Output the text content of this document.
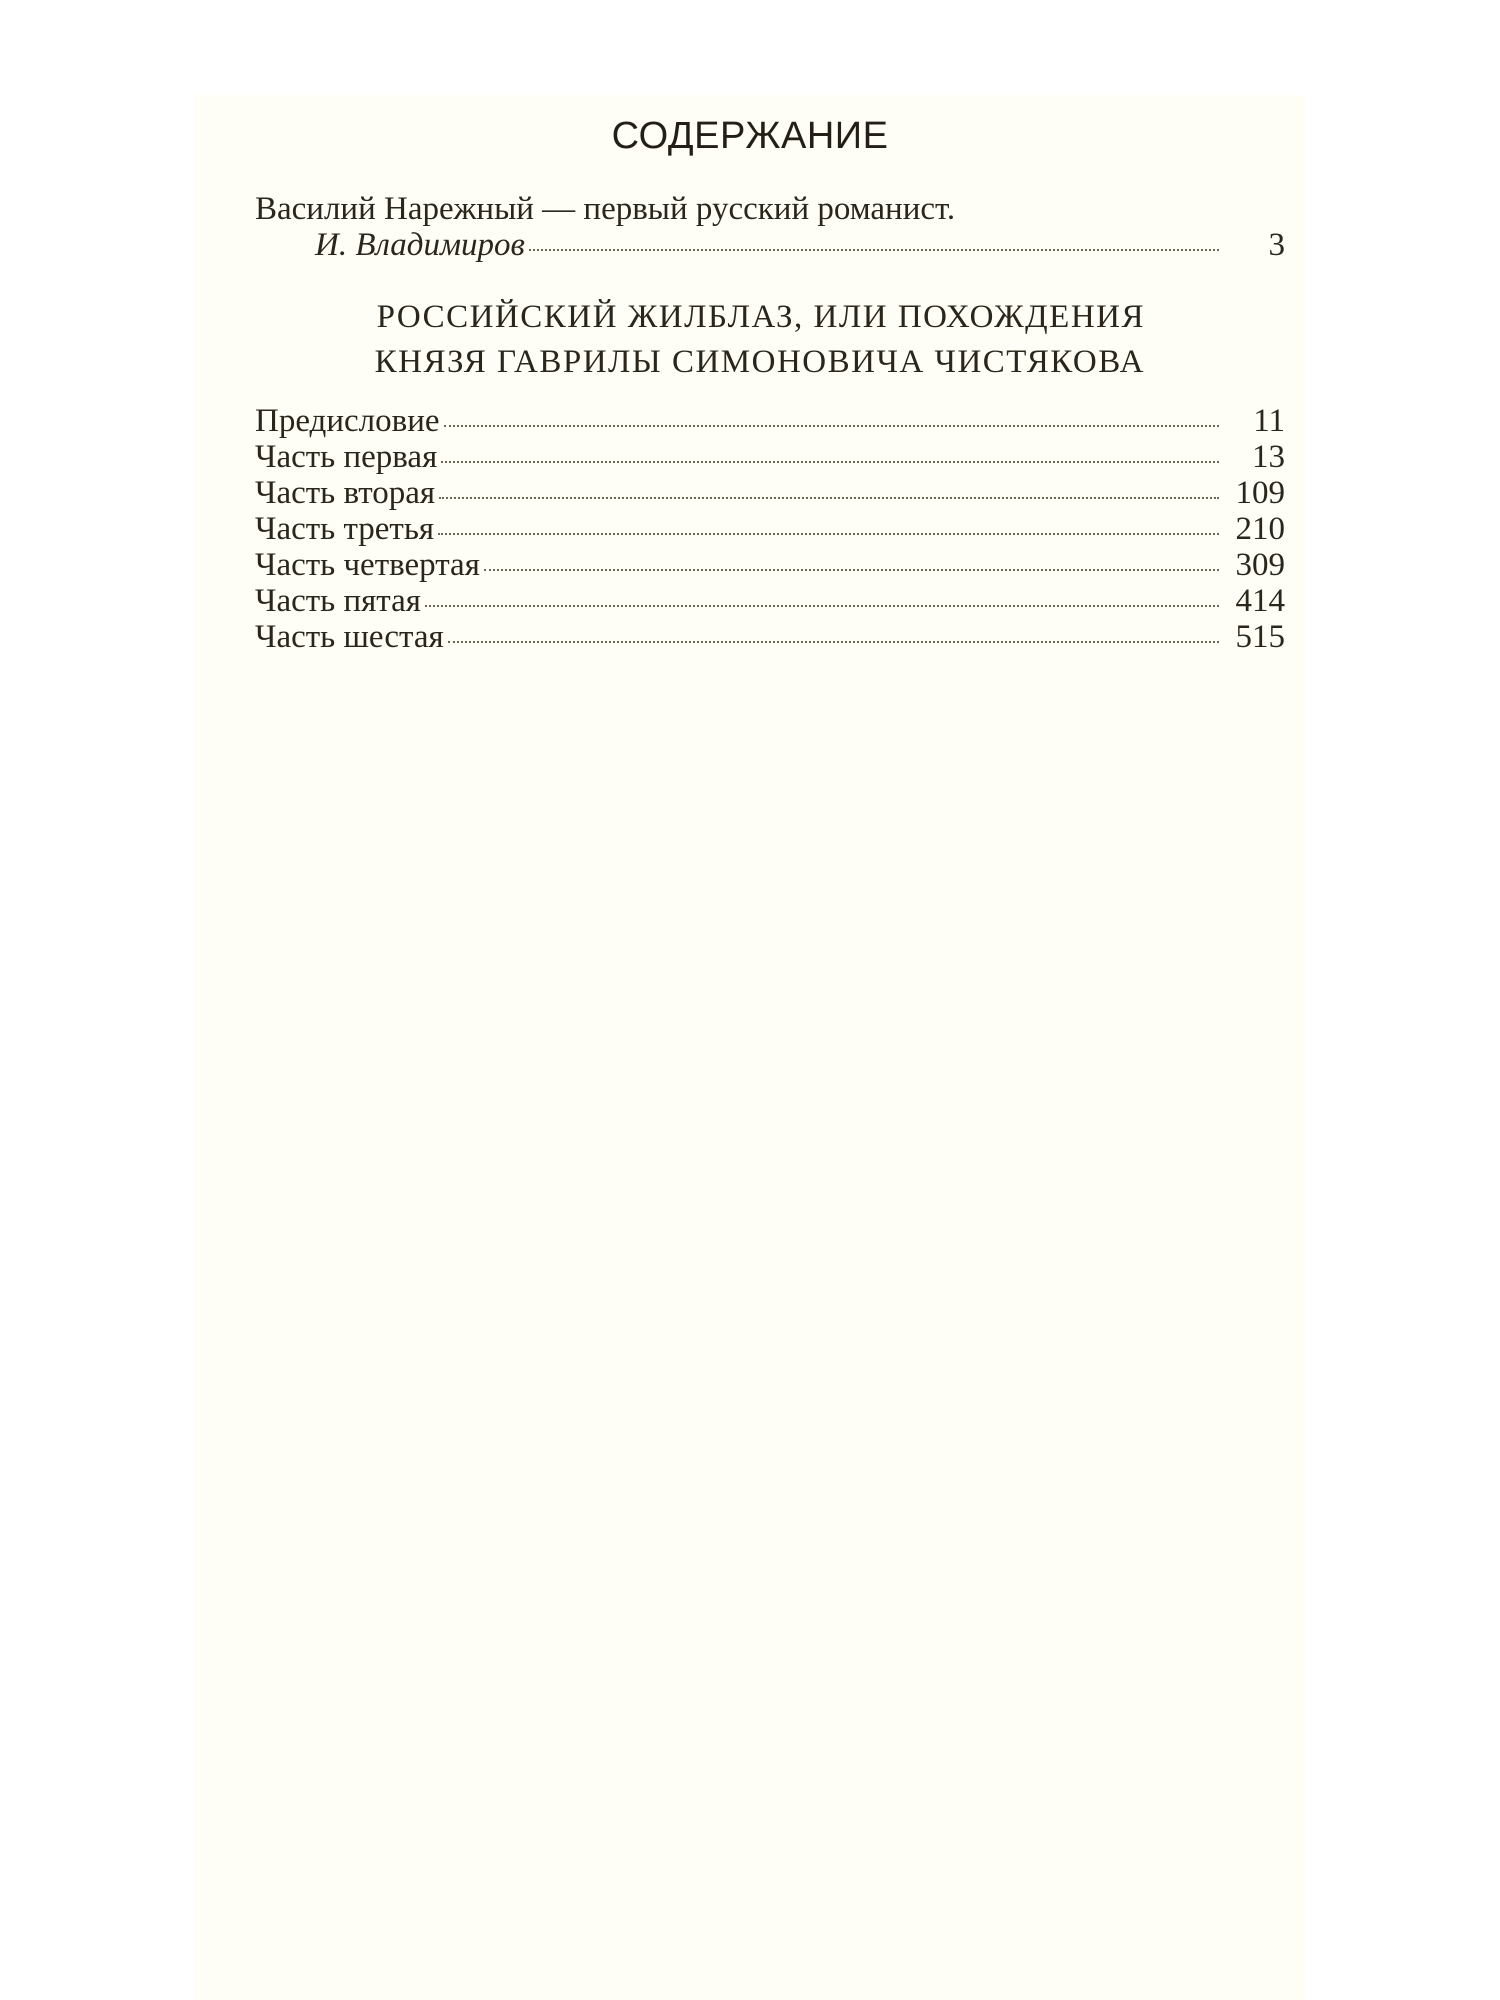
СОДЕРЖАНИЕ
Василий Нарежный — первый русский романист.
И. Владимиров	3
РОССИЙСКИЙ ЖИЛБЛАЗ, ИЛИ ПОХОЖДЕНИЯ
КНЯЗЯ ГАВРИЛЫ СИМОНОВИЧА ЧИСТЯКОВА
Предисловие	11
Часть первая	13
Часть вторая	109
Часть третья	210
Часть четвертая	309
Часть пятая	414
Часть шестая	515
